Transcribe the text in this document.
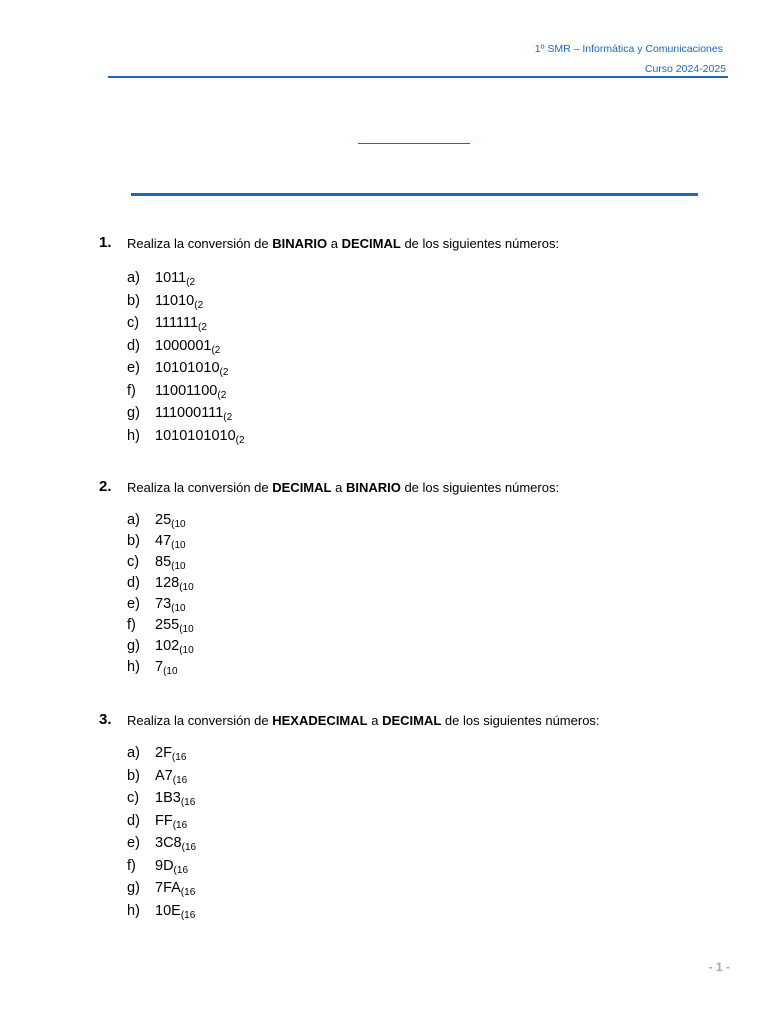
1º SMR – Informática y Comunicaciones
Curso 2024-2025
1. Realiza la conversión de BINARIO a DECIMAL de los siguientes números:
a) $1011_{(2}$
b) $11010_{(2}$
c) $111111_{(2}$
d) $1000001_{(2}$
e) $10101010_{(2}$
f) $11001100_{(2}$
g) $111000111_{(2}$
h) $1010101010_{(2}$
2. Realiza la conversión de DECIMAL a BINARIO de los siguientes números:
a) $25_{(10}$
b) $47_{(10}$
c) $85_{(10}$
d) $128_{(10}$
e) $73_{(10}$
f) $255_{(10}$
g) $102_{(10}$
h) $7_{(10}$
3. Realiza la conversión de HEXADECIMAL a DECIMAL de los siguientes números:
a) $2F_{(16}$
b) $A7_{(16}$
c) $1B3_{(16}$
d) $FF_{(16}$
e) $3C8_{(16}$
f) $9D_{(16}$
g) $7FA_{(16}$
h) $10E_{(16}$
- 1 -
